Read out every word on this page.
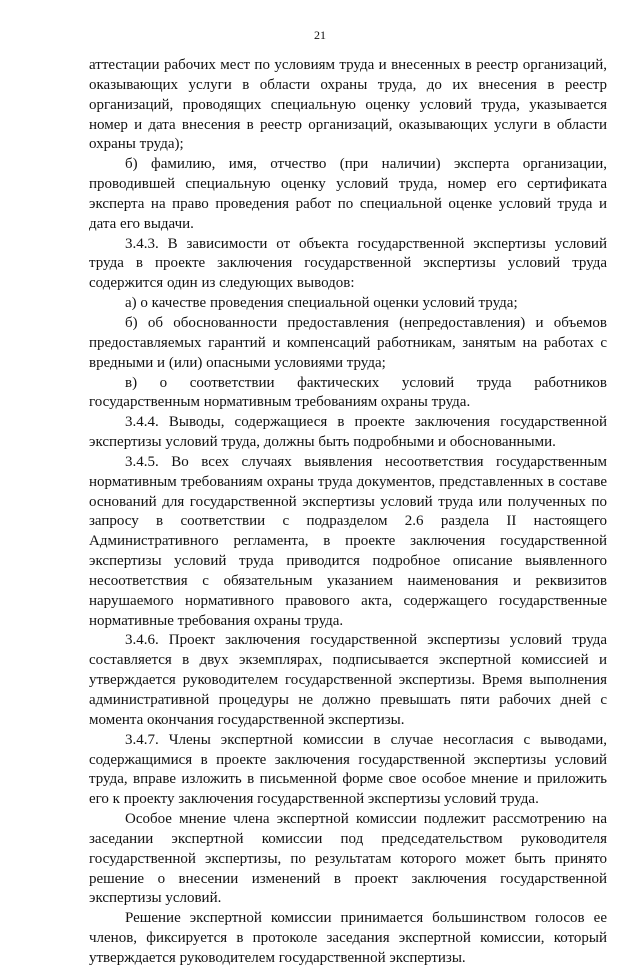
21

аттестации рабочих мест по условиям труда и внесенных в реестр организаций, оказывающих услуги в области охраны труда, до их внесения в реестр организаций, проводящих специальную оценку условий труда, указывается номер и дата внесения в реестр организаций, оказывающих услуги в области охраны труда);

б) фамилию, имя, отчество (при наличии) эксперта организации, проводившей специальную оценку условий труда, номер его сертификата эксперта на право проведения работ по специальной оценке условий труда и дата его выдачи.

3.4.3. В зависимости от объекта государственной экспертизы условий труда в проекте заключения государственной экспертизы условий труда содержится один из следующих выводов:

а) о качестве проведения специальной оценки условий труда;

б) об обоснованности предоставления (непредоставления) и объемов предоставляемых гарантий и компенсаций работникам, занятым на работах с вредными и (или) опасными условиями труда;

в) о соответствии фактических условий труда работников государственным нормативным требованиям охраны труда.

3.4.4. Выводы, содержащиеся в проекте заключения государственной экспертизы условий труда, должны быть подробными и обоснованными.

3.4.5. Во всех случаях выявления несоответствия государственным нормативным требованиям охраны труда документов, представленных в составе оснований для государственной экспертизы условий труда или полученных по запросу в соответствии с подразделом 2.6 раздела II настоящего Административного регламента, в проекте заключения государственной экспертизы условий труда приводится подробное описание выявленного несоответствия с обязательным указанием наименования и реквизитов нарушаемого нормативного правового акта, содержащего государственные нормативные требования охраны труда.

3.4.6. Проект заключения государственной экспертизы условий труда составляется в двух экземплярах, подписывается экспертной комиссией и утверждается руководителем государственной экспертизы. Время выполнения административной процедуры не должно превышать пяти рабочих дней с момента окончания государственной экспертизы.

3.4.7. Члены экспертной комиссии в случае несогласия с выводами, содержащимися в проекте заключения государственной экспертизы условий труда, вправе изложить в письменной форме свое особое мнение и приложить его к проекту заключения государственной экспертизы условий труда.

Особое мнение члена экспертной комиссии подлежит рассмотрению на заседании экспертной комиссии под председательством руководителя государственной экспертизы, по результатам которого может быть принято решение о внесении изменений в проект заключения государственной экспертизы условий.

Решение экспертной комиссии принимается большинством голосов ее членов, фиксируется в протоколе заседания экспертной комиссии, который утверждается руководителем государственной экспертизы.
